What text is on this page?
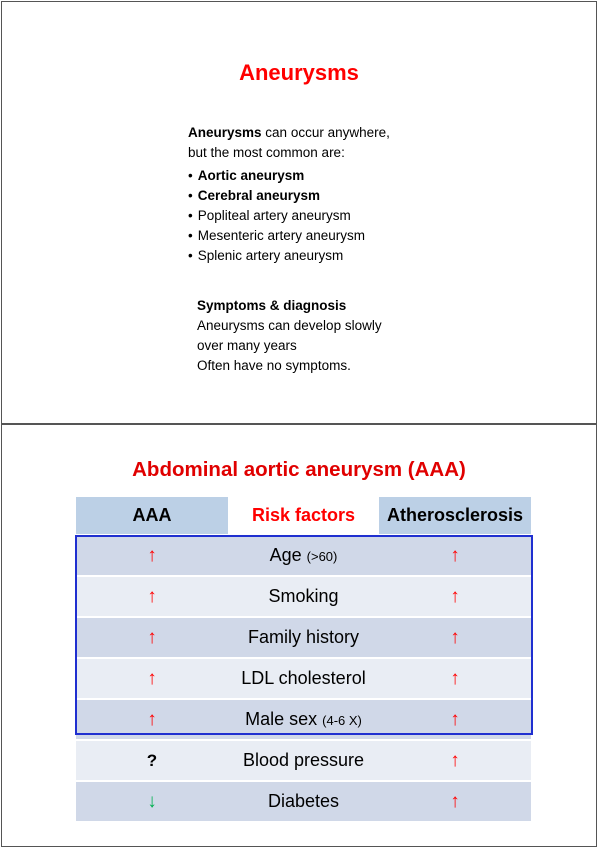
Aneurysms
Aneurysms can occur anywhere,
but the most common are:
• Aortic aneurysm
• Cerebral aneurysm
• Popliteal artery aneurysm
• Mesenteric artery aneurysm
• Splenic artery aneurysm
Symptoms & diagnosis
Aneurysms can develop slowly
over many years
Often have no symptoms.
Abdominal aortic aneurysm (AAA)
AAA	Risk factors	Atherosclerosis
↑	Age (>60)	↑
↑	Smoking	↑
↑	Family history	↑
↑	LDL cholesterol	↑
↑	Male sex (4-6 X)	↑
?	Blood pressure	↑
↓	Diabetes	↑
